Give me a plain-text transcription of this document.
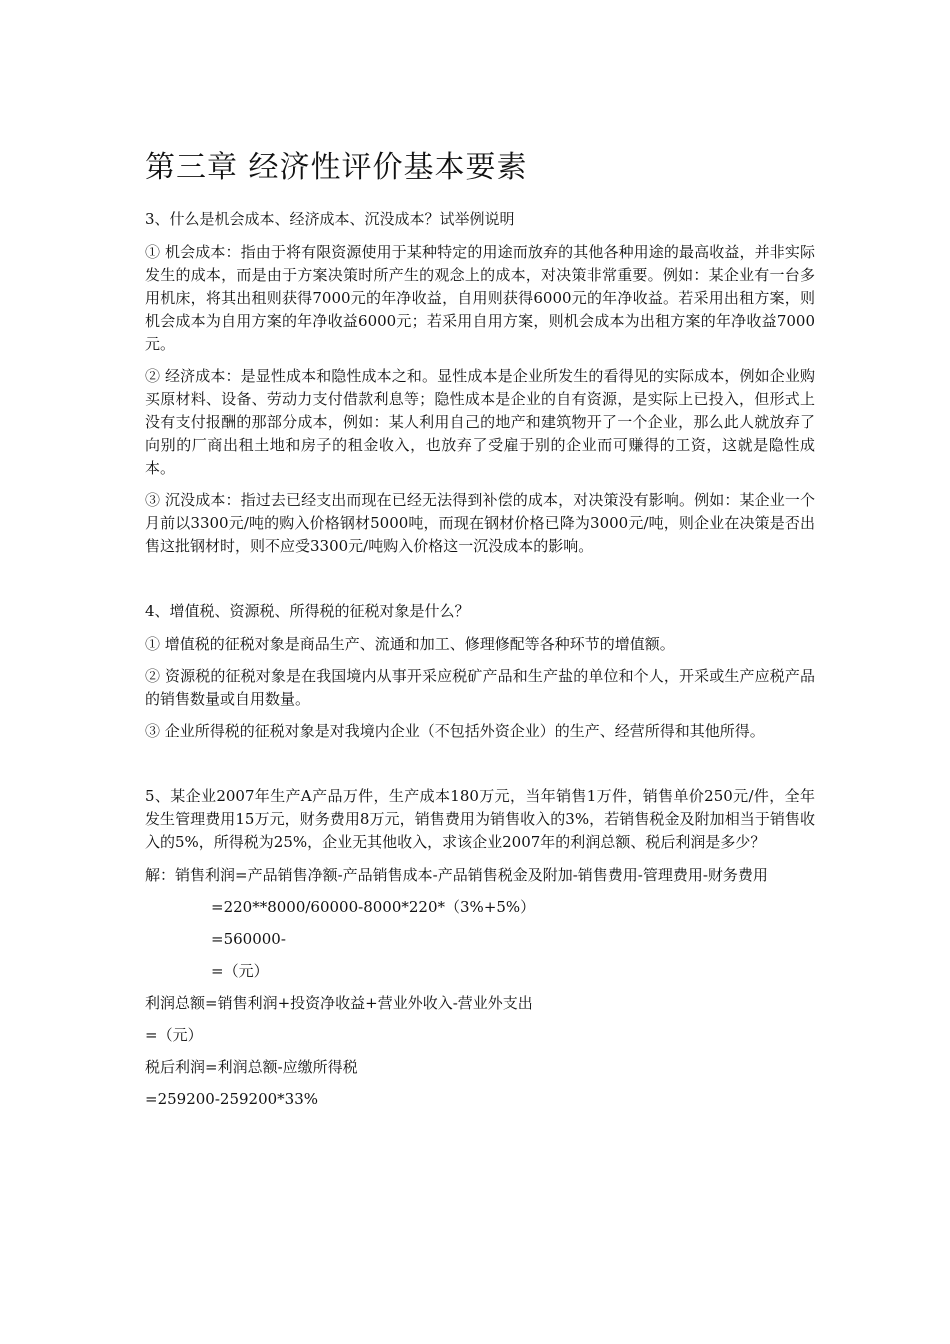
第三章 经济性评价基本要素

3、什么是机会成本、经济成本、沉没成本？试举例说明

① 机会成本：指由于将有限资源使用于某种特定的用途而放弃的其他各种用途的最高收益，并非实际发生的成本，而是由于方案决策时所产生的观念上的成本，对决策非常重要。例如：某企业有一台多用机床，将其出租则获得7000元的年净收益，自用则获得6000元的年净收益。若采用出租方案，则机会成本为自用方案的年净收益6000元；若采用自用方案，则机会成本为出租方案的年净收益7000元。

② 经济成本：是显性成本和隐性成本之和。显性成本是企业所发生的看得见的实际成本，例如企业购买原材料、设备、劳动力支付借款利息等；隐性成本是企业的自有资源，是实际上已投入，但形式上没有支付报酬的那部分成本，例如：某人利用自己的地产和建筑物开了一个企业，那么此人就放弃了向别的厂商出租土地和房子的租金收入，也放弃了受雇于别的企业而可赚得的工资，这就是隐性成本。

③ 沉没成本：指过去已经支出而现在已经无法得到补偿的成本，对决策没有影响。例如：某企业一个月前以3300元/吨的购入价格钢材5000吨，而现在钢材价格已降为3000元/吨，则企业在决策是否出售这批钢材时，则不应受3300元/吨购入价格这一沉没成本的影响。

4、增值税、资源税、所得税的征税对象是什么？

① 增值税的征税对象是商品生产、流通和加工、修理修配等各种环节的增值额。

② 资源税的征税对象是在我国境内从事开采应税矿产品和生产盐的单位和个人，开采或生产应税产品的销售数量或自用数量。

③ 企业所得税的征税对象是对我境内企业（不包括外资企业）的生产、经营所得和其他所得。

5、某企业2007年生产A产品万件，生产成本180万元，当年销售1万件，销售单价250元/件，全年发生管理费用15万元，财务费用8万元，销售费用为销售收入的3%，若销售税金及附加相当于销售收入的5%，所得税为25%，企业无其他收入，求该企业2007年的利润总额、税后利润是多少？

解：销售利润=产品销售净额-产品销售成本-产品销售税金及附加-销售费用-管理费用-财务费用

=220**8000/60000-8000*220*（3%+5%）

=560000-

=（元）

利润总额=销售利润+投资净收益+营业外收入-营业外支出

=（元）

税后利润=利润总额-应缴所得税

=259200-259200*33%
